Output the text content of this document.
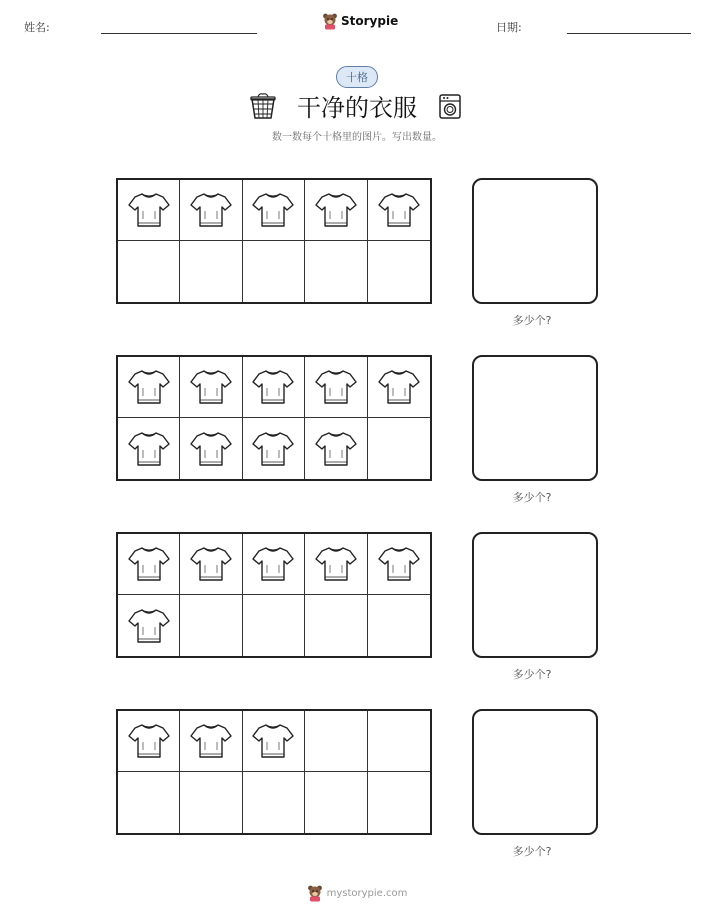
姓名:	Storypie	日期:
十格
干净的衣服
数一数每个十格里的图片。写出数量。
多少个?
多少个?
多少个?
多少个?
mystorypie.com
